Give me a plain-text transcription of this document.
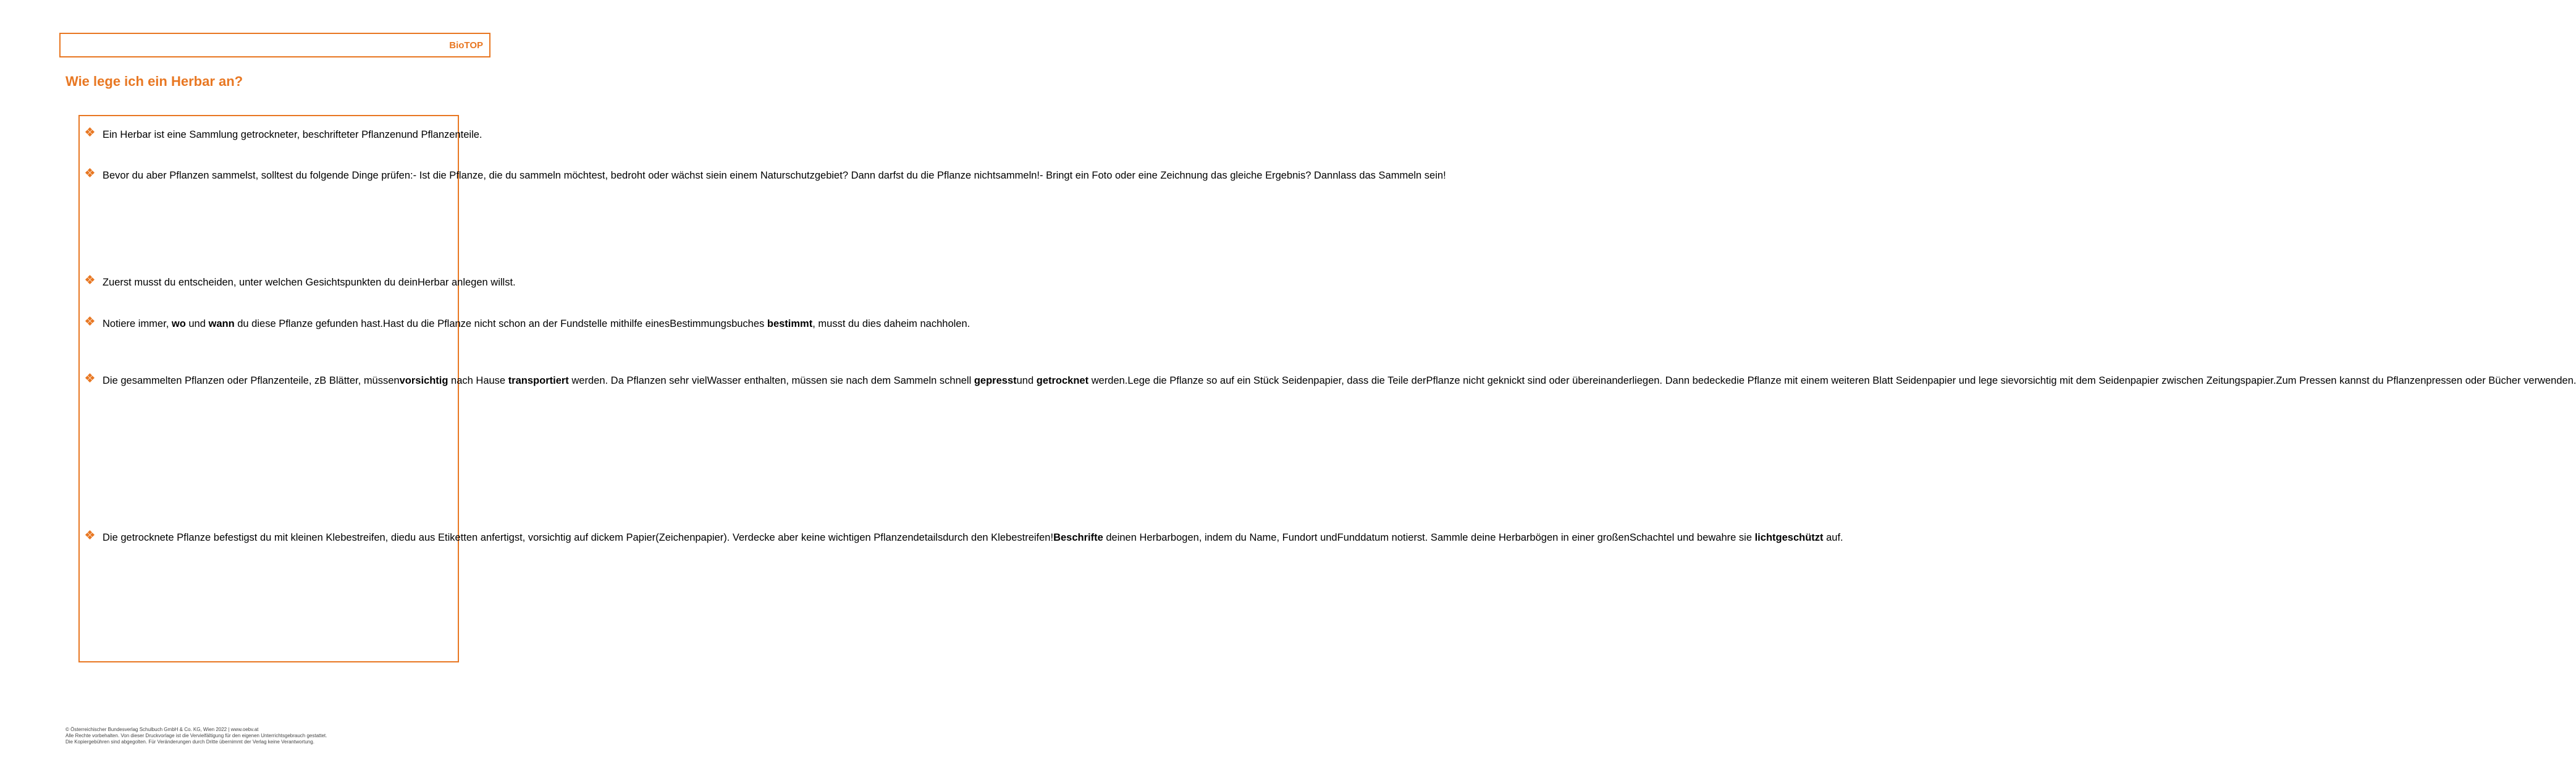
BioTOP
Wie lege ich ein Herbar an?
Ein Herbar ist eine Sammlung getrockneter, beschrifteter Pflanzenund Pflanzenteile.
Bevor du aber Pflanzen sammelst, solltest du folgende Dinge prüfen:- Ist die Pflanze, die du sammeln möchtest, bedroht oder wächst siein einem Naturschutzgebiet? Dann darfst du die Pflanze nichtsammeln!- Bringt ein Foto oder eine Zeichnung das gleiche Ergebnis? Dannlass das Sammeln sein!
Zuerst musst du entscheiden, unter welchen Gesichtspunkten du deinHerbar anlegen willst.
Notiere immer, wo und wann du diese Pflanze gefunden hast.Hast du die Pflanze nicht schon an der Fundstelle mithilfe einesBestimmungsbuches bestimmt, musst du dies daheim nachholen.
Die gesammelten Pflanzen oder Pflanzenteile, zB Blätter, müssenvorsichtig nach Hause transportiert werden. Da Pflanzen sehr vielWasser enthalten, müssen sie nach dem Sammeln schnell gepresstund getrocknet werden.Lege die Pflanze so auf ein Stück Seidenpapier, dass die Teile derPflanze nicht geknickt sind oder übereinanderliegen. Dann bedeckedie Pflanze mit einem weiteren Blatt Seidenpapier und lege sievorsichtig mit dem Seidenpapier zwischen Zeitungspapier.Zum Pressen kannst du Pflanzenpressen oder Bücher verwenden.
Die getrocknete Pflanze befestigst du mit kleinen Klebestreifen, diedu aus Etiketten anfertigst, vorsichtig auf dickem Papier(Zeichenpapier). Verdecke aber keine wichtigen Pflanzendetailsdurch den Klebestreifen!Beschrifte deinen Herbarbogen, indem du Name, Fundort undFunddatum notierst. Sammle deine Herbarbögen in einer großenSchachtel und bewahre sie lichtgeschützt auf.
© Österreichischer Bundesverlag Schulbuch GmbH & Co. KG, Wien 2022 | www.oebv.at
Alle Rechte vorbehalten. Von dieser Druckvorlage ist die Vervielfältigung für den eigenen Unterrichtsgebrauch gestattet.
Die Kopiergebühren sind abgegolten. Für Veränderungen durch Dritte übernimmt der Verlag keine Verantwortung.
